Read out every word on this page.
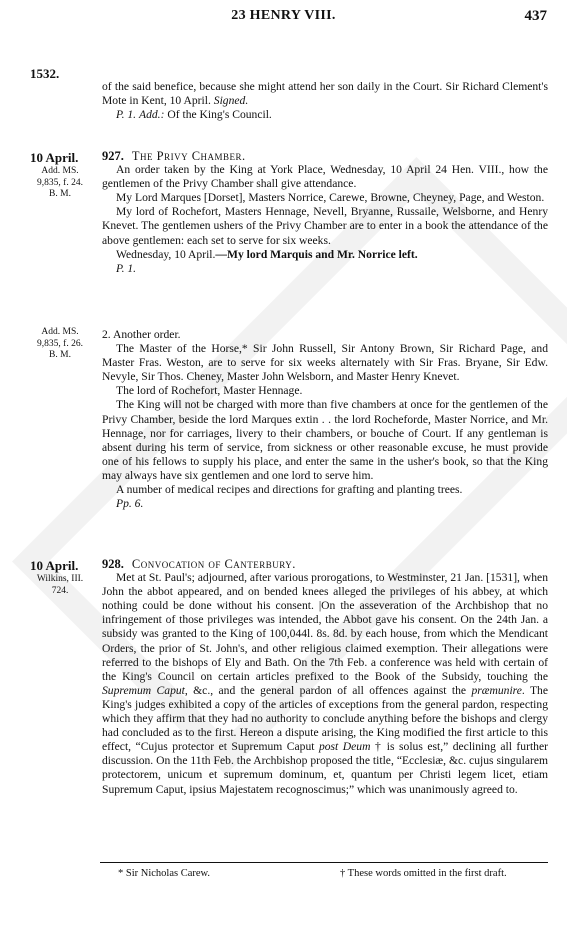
23 HENRY VIII.	437
1532.

of the said benefice, because she might attend her son daily in the Court. Sir Richard Clement's Mote in Kent, 10 April. Signed.

P. 1. Add.: Of the King's Council.

10 April.
Add. MS.
9,835, f. 24.
B. M.

927. The Privy Chamber.

An order taken by the King at York Place, Wednesday, 10 April 24 Hen. VIII., how the gentlemen of the Privy Chamber shall give attendance.

My Lord Marques [Dorset], Masters Norrice, Carewe, Browne, Cheyney, Page, and Weston.

My lord of Rochefort, Masters Hennage, Nevell, Bryanne, Russaile, Welsborne, and Henry Knevet. The gentlemen ushers of the Privy Chamber are to enter in a book the attendance of the above gentlemen: each set to serve for six weeks.

Wednesday, 10 April.—My lord Marquis and Mr. Norrice left.

P. 1.

Add. MS.
9,835, f. 26.
B. M.

2. Another order.

The Master of the Horse,* Sir John Russell, Sir Antony Brown, Sir Richard Page, and Master Fras. Weston, are to serve for six weeks alternately with Sir Fras. Bryane, Sir Edw. Nevyle, Sir Thos. Cheney, Master John Welsborn, and Master Henry Knevet.

The lord of Rochefort, Master Hennage.

The King will not be charged with more than five chambers at once for the gentlemen of the Privy Chamber, beside the lord Marques extin . . the lord Rocheforde, Master Norrice, and Mr. Hennage, nor for carriages, livery to their chambers, or bouche of Court. If any gentleman is absent during his term of service, from sickness or other reasonable excuse, he must provide one of his fellows to supply his place, and enter the same in the usher's book, so that the King may always have six gentlemen and one lord to serve him.

A number of medical recipes and directions for grafting and planting trees.

Pp. 6.

10 April.
Wilkins, III.
724.

928. Convocation of Canterbury.

Met at St. Paul's; adjourned, after various prorogations, to Westminster, 21 Jan. [1531], when John the abbot appeared, and on bended knees alleged the privileges of his abbey, at which nothing could be done without his consent. |On the asseveration of the Archbishop that no infringement of those privileges was intended, the Abbot gave his consent. On the 24th Jan. a subsidy was granted to the King of 100,044l. 8s. 8d. by each house, from which the Mendicant Orders, the prior of St. John's, and other religious claimed exemption. Their allegations were referred to the bishops of Ely and Bath. On the 7th Feb. a conference was held with certain of the King's Council on certain articles prefixed to the Book of the Subsidy, touching the Supremum Caput, &c., and the general pardon of all offences against the præmunire. The King's judges exhibited a copy of the articles of exceptions from the general pardon, respecting which they affirm that they had no authority to conclude anything before the bishops and clergy had concluded as to the first. Hereon a dispute arising, the King modified the first article to this effect, “Cujus protector et Supremum Caput post Deum † is solus est,” declining all further discussion. On the 11th Feb. the Archbishop proposed the title, “Ecclesiæ, &c. cujus singularem protectorem, unicum et supremum dominum, et, quantum per Christi legem licet, etiam Supremum Caput, ipsius Majestatem recognoscimus;” which was unanimously agreed to.

* Sir Nicholas Carew.	† These words omitted in the first draft.
